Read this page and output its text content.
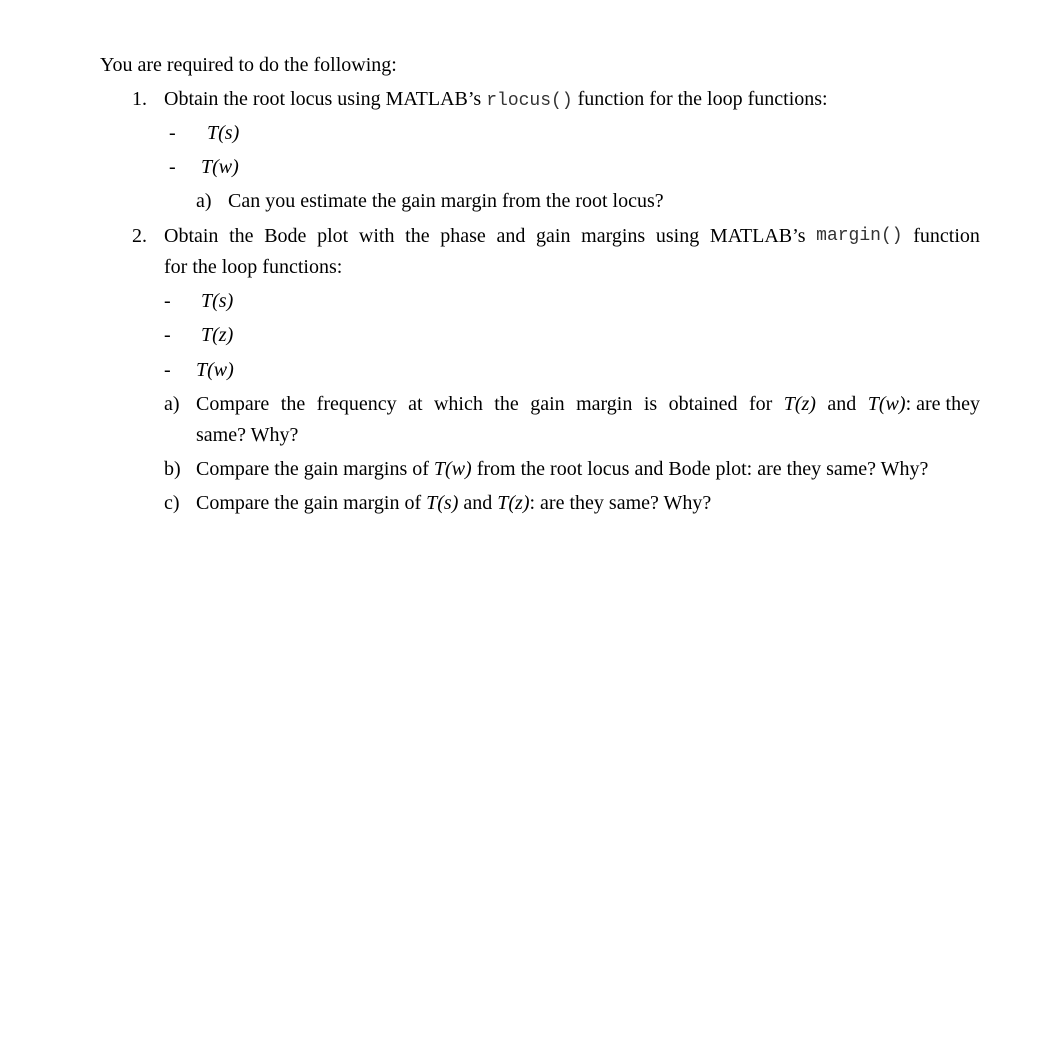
You are required to do the following:
1. Obtain the root locus using MATLAB’s rlocus() function for the loop functions:
- T(s)
- T(w)
a) Can you estimate the gain margin from the root locus?
2. Obtain the Bode plot with the phase and gain margins using MATLAB’s margin() function
for the loop functions:
- T(s)
- T(z)
- T(w)
a) Compare the frequency at which the gain margin is obtained for T(z) and T(w): are they
same? Why?
b) Compare the gain margins of T(w) from the root locus and Bode plot: are they same? Why?
c) Compare the gain margin of T(s) and T(z): are they same? Why?
